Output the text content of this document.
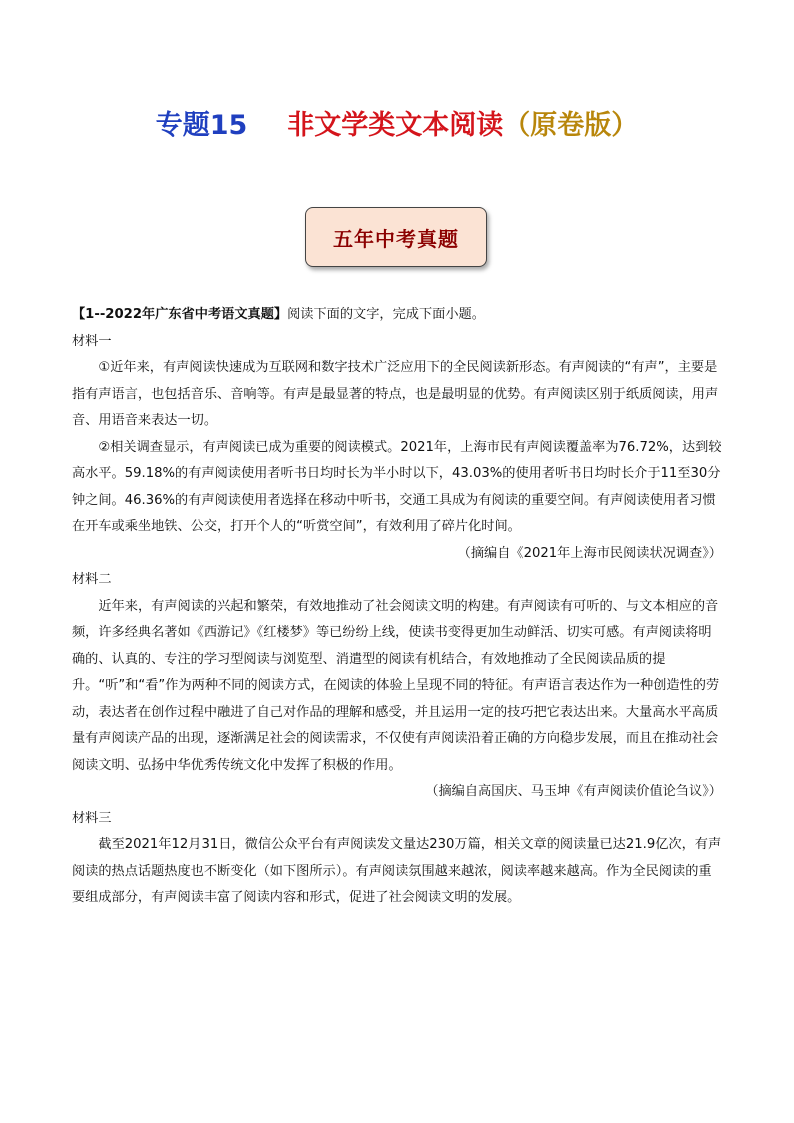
专题15 非文学类文本阅读（原卷版）
五年中考真题

【1--2022年广东省中考语文真题】阅读下面的文字，完成下面小题。

材料一

①近年来，有声阅读快速成为互联网和数字技术广泛应用下的全民阅读新形态。有声阅读的“有声”，主要是指有声语言，也包括音乐、音响等。有声是最显著的特点，也是最明显的优势。有声阅读区别于纸质阅读，用声音、用语音来表达一切。

②相关调查显示，有声阅读已成为重要的阅读模式。2021年，上海市民有声阅读覆盖率为76.72%，达到较高水平。59.18%的有声阅读使用者听书日均时长为半小时以下，43.03%的使用者听书日均时长介于11至30分钟之间。46.36%的有声阅读使用者选择在移动中听书，交通工具成为有阅读的重要空间。有声阅读使用者习惯在开车或乘坐地铁、公交，打开个人的“听赏空间”，有效利用了碎片化时间。

（摘编自《2021年上海市民阅读状况调查》）

材料二

近年来，有声阅读的兴起和繁荣，有效地推动了社会阅读文明的构建。有声阅读有可听的、与文本相应的音频，许多经典名著如《西游记》《红楼梦》等已纷纷上线，使读书变得更加生动鲜活、切实可感。有声阅读将明确的、认真的、专注的学习型阅读与浏览型、消遣型的阅读有机结合，有效地推动了全民阅读品质的提升。“听”和“看”作为两种不同的阅读方式，在阅读的体验上呈现不同的特征。有声语言表达作为一种创造性的劳动，表达者在创作过程中融进了自己对作品的理解和感受，并且运用一定的技巧把它表达出来。大量高水平高质量有声阅读产品的出现，逐渐满足社会的阅读需求，不仅使有声阅读沿着正确的方向稳步发展，而且在推动社会阅读文明、弘扬中华优秀传统文化中发挥了积极的作用。

（摘编自高国庆、马玉坤《有声阅读价值论刍议》）

材料三

截至2021年12月31日，微信公众平台有声阅读发文量达230万篇，相关文章的阅读量已达21.9亿次，有声阅读的热点话题热度也不断变化（如下图所示）。有声阅读氛围越来越浓，阅读率越来越高。作为全民阅读的重要组成部分，有声阅读丰富了阅读内容和形式，促进了社会阅读文明的发展。
